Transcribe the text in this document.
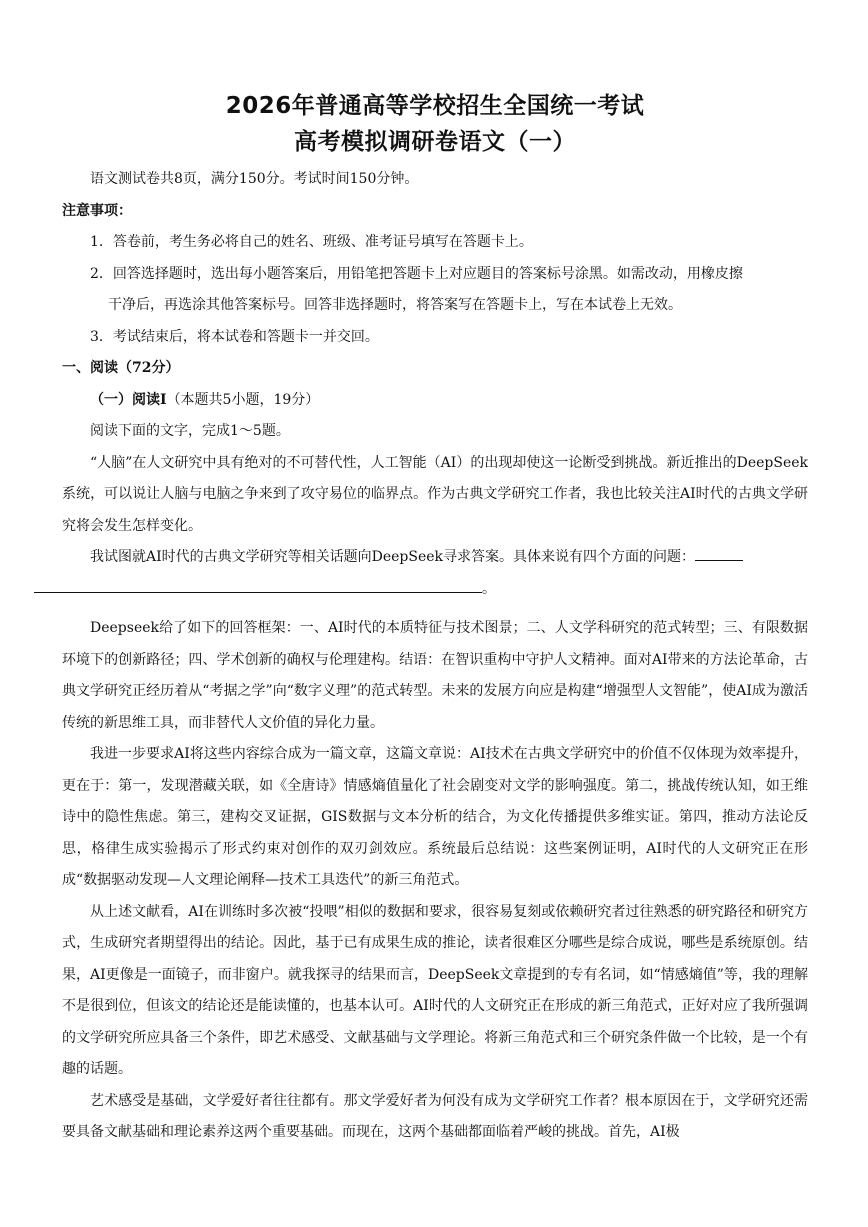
2026年普通高等学校招生全国统一考试
高考模拟调研卷语文（一）
语文测试卷共8页，满分150分。考试时间150分钟。
注意事项：
1．答卷前，考生务必将自己的姓名、班级、准考证号填写在答题卡上。
2．回答选择题时，选出每小题答案后，用铅笔把答题卡上对应题目的答案标号涂黑。如需改动，用橡皮擦
干净后，再选涂其他答案标号。回答非选择题时，将答案写在答题卡上，写在本试卷上无效。
3．考试结束后，将本试卷和答题卡一并交回。
一、阅读（72分）
（一）阅读Ⅰ（本题共5小题，19分）
阅读下面的文字，完成1～5题。

“人脑”在人文研究中具有绝对的不可替代性，人工智能（AI）的出现却使这一论断受到挑战。新近推出的DeepSeek系统，可以说让人脑与电脑之争来到了攻守易位的临界点。作为古典文学研究工作者，我也比较关注AI时代的古典文学研究将会发生怎样变化。

我试图就AI时代的古典文学研究等相关话题向DeepSeek寻求答案。具体来说有四个方面的问题：
。

Deepseek给了如下的回答框架：一、AI时代的本质特征与技术图景；二、人文学科研究的范式转型；三、有限数据环境下的创新路径；四、学术创新的确权与伦理建构。结语：在智识重构中守护人文精神。面对AI带来的方法论革命，古典文学研究正经历着从“考据之学”向“数字义理”的范式转型。未来的发展方向应是构建“增强型人文智能”，使AI成为激活传统的新思维工具，而非替代人文价值的异化力量。

我进一步要求AI将这些内容综合成为一篇文章，这篇文章说：AI技术在古典文学研究中的价值不仅体现为效率提升，更在于：第一，发现潜藏关联，如《全唐诗》情感熵值量化了社会剧变对文学的影响强度。第二，挑战传统认知，如王维诗中的隐性焦虑。第三，建构交叉证据，GIS数据与文本分析的结合，为文化传播提供多维实证。第四，推动方法论反思，格律生成实验揭示了形式约束对创作的双刃剑效应。系统最后总结说：这些案例证明，AI时代的人文研究正在形成“数据驱动发现—人文理论阐释—技术工具迭代”的新三角范式。

从上述文献看，AI在训练时多次被“投喂”相似的数据和要求，很容易复刻或依赖研究者过往熟悉的研究路径和研究方式，生成研究者期望得出的结论。因此，基于已有成果生成的推论，读者很难区分哪些是综合成说，哪些是系统原创。结果，AI更像是一面镜子，而非窗户。就我探寻的结果而言，DeepSeek文章提到的专有名词，如“情感熵值”等，我的理解不是很到位，但该文的结论还是能读懂的，也基本认可。AI时代的人文研究正在形成的新三角范式，正好对应了我所强调的文学研究所应具备三个条件，即艺术感受、文献基础与文学理论。将新三角范式和三个研究条件做一个比较，是一个有趣的话题。

艺术感受是基础，文学爱好者往往都有。那文学爱好者为何没有成为文学研究工作者？根本原因在于，文学研究还需要具备文献基础和理论素养这两个重要基础。而现在，这两个基础都面临着严峻的挑战。首先，AI极
